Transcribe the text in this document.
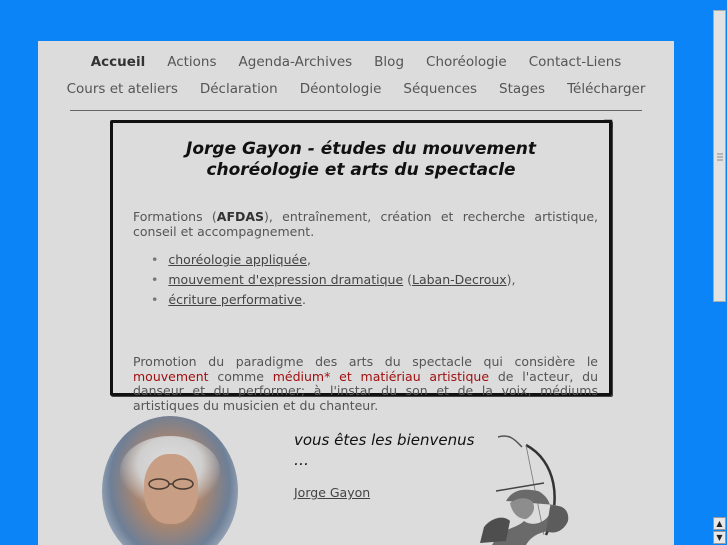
Accueil Actions Agenda-Archives Blog Choréologie Contact-Liens
Cours et ateliers Déclaration Déontologie Séquences Stages Télécharger
Jorge Gayon - études du mouvement
choréologie et arts du spectacle
Formations (AFDAS), entraînement, création et recherche artistique, conseil et accompagnement.
• choréologie appliquée,
• mouvement d'expression dramatique (Laban-Decroux),
• écriture performative.
Promotion du paradigme des arts du spectacle qui considère le mouvement comme médium* et matiériau artistique de l'acteur, du danseur et du performer; à l'instar du son et de la voix, médiums artistiques du musicien et du chanteur.
vous êtes les bienvenus …
Jorge Gayon
▲
▼
